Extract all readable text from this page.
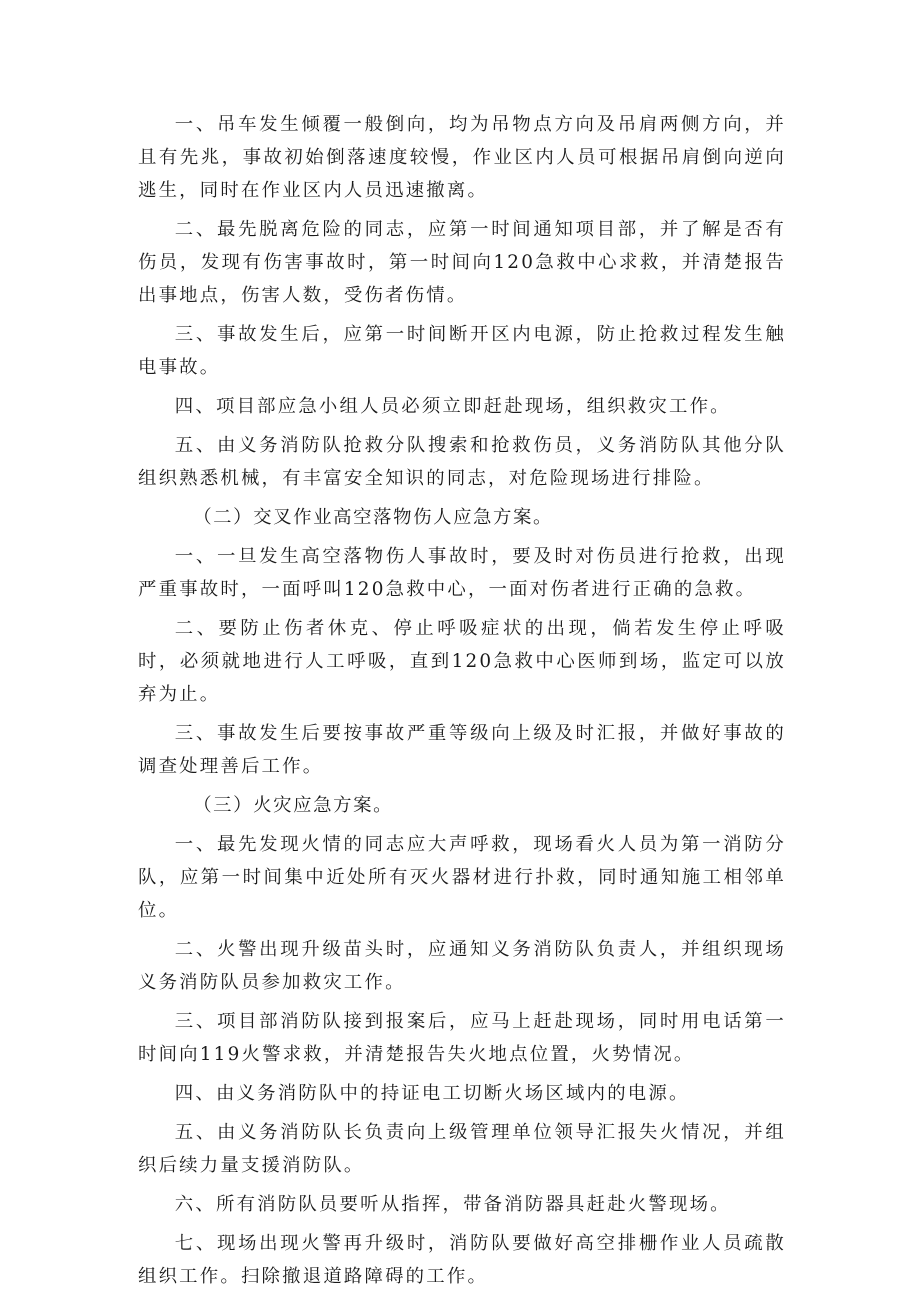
一、吊车发生倾覆一般倒向，均为吊物点方向及吊肩两侧方向，并且有先兆，事故初始倒落速度较慢，作业区内人员可根据吊肩倒向逆向逃生，同时在作业区内人员迅速撤离。

二、最先脱离危险的同志，应第一时间通知项目部，并了解是否有伤员，发现有伤害事故时，第一时间向120急救中心求救，并清楚报告出事地点，伤害人数，受伤者伤情。

三、事故发生后，应第一时间断开区内电源，防止抢救过程发生触电事故。

四、项目部应急小组人员必须立即赶赴现场，组织救灾工作。

五、由义务消防队抢救分队搜索和抢救伤员，义务消防队其他分队组织熟悉机械，有丰富安全知识的同志，对危险现场进行排险。

（二）交叉作业高空落物伤人应急方案。

一、一旦发生高空落物伤人事故时，要及时对伤员进行抢救，出现严重事故时，一面呼叫120急救中心，一面对伤者进行正确的急救。

二、要防止伤者休克、停止呼吸症状的出现，倘若发生停止呼吸时，必须就地进行人工呼吸，直到120急救中心医师到场，监定可以放弃为止。

三、事故发生后要按事故严重等级向上级及时汇报，并做好事故的调查处理善后工作。

（三）火灾应急方案。

一、最先发现火情的同志应大声呼救，现场看火人员为第一消防分队，应第一时间集中近处所有灭火器材进行扑救，同时通知施工相邻单位。

二、火警出现升级苗头时，应通知义务消防队负责人，并组织现场义务消防队员参加救灾工作。

三、项目部消防队接到报案后，应马上赶赴现场，同时用电话第一时间向119火警求救，并清楚报告失火地点位置，火势情况。

四、由义务消防队中的持证电工切断火场区域内的电源。

五、由义务消防队长负责向上级管理单位领导汇报失火情况，并组织后续力量支援消防队。

六、所有消防队员要听从指挥，带备消防器具赶赴火警现场。

七、现场出现火警再升级时，消防队要做好高空排栅作业人员疏散组织工作。扫除撤退道路障碍的工作。
